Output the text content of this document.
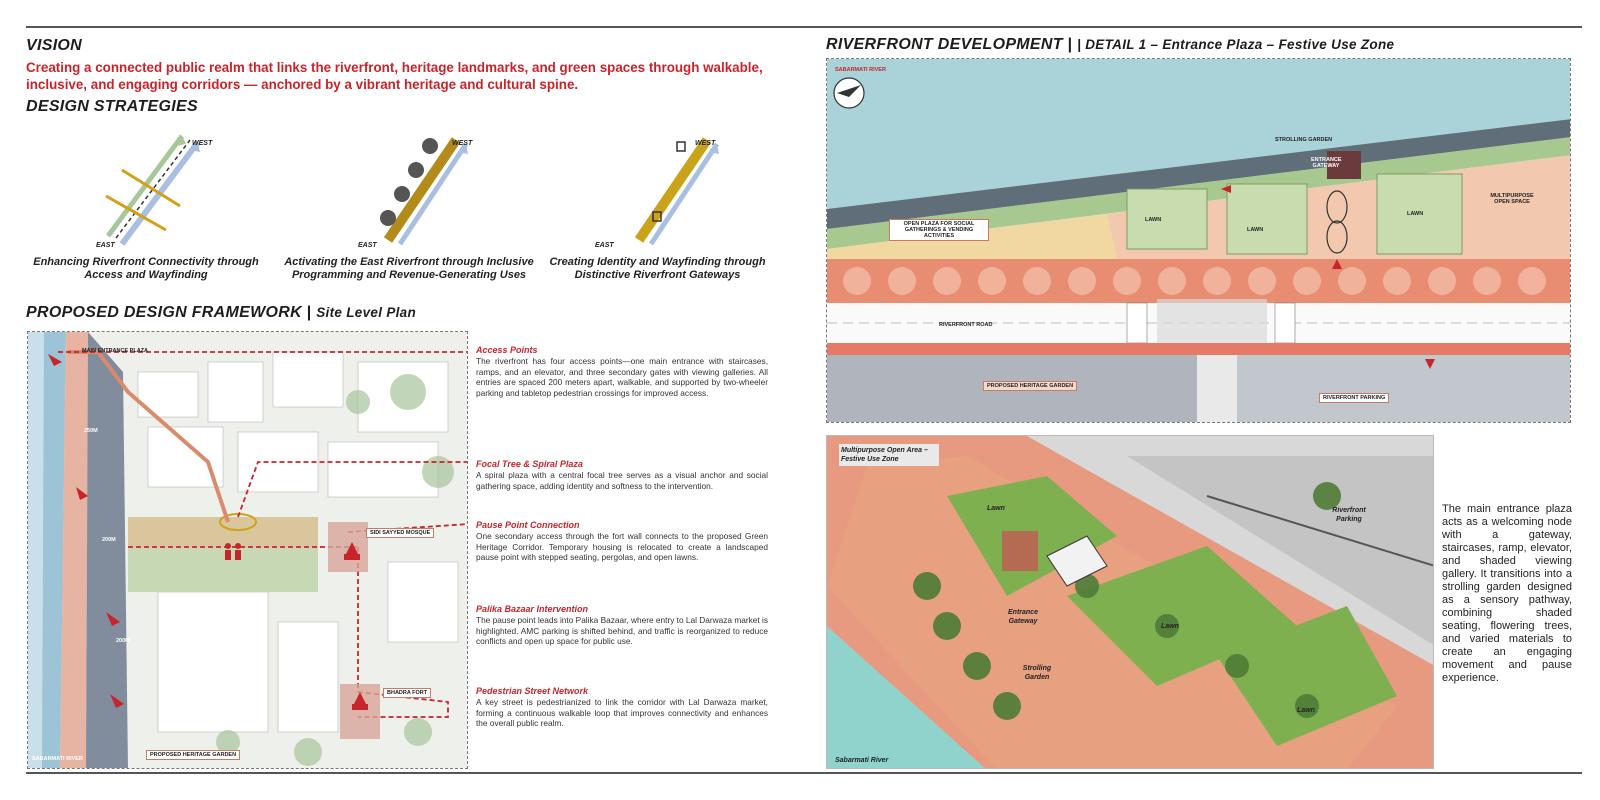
VISION
Creating a connected public realm that links the riverfront, heritage landmarks, and green spaces through walkable, inclusive, and engaging corridors — anchored by a vibrant heritage and cultural spine.
DESIGN STRATEGIES
WEST
EAST
Enhancing Riverfront Connectivity through Access and Wayfinding
WEST
EAST
Activating the East Riverfront through Inclusive Programming and Revenue-Generating Uses
WEST
EAST
Creating Identity and Wayfinding through Distinctive Riverfront Gateways
PROPOSED DESIGN FRAMEWORK | Site Level Plan
MAIN ENTRANCE PLAZA
250M
200M
200M
SIDI SAYYED MOSQUE
BHADRA FORT
PROPOSED HERITAGE GARDEN
SABARMATI RIVER
Access Points
The riverfront has four access points—one main entrance with staircases, ramps, and an elevator, and three secondary gates with viewing galleries. All entries are spaced 200 meters apart, walkable, and supported by two-wheeler parking and tabletop pedestrian crossings for improved access.
Focal Tree & Spiral Plaza
A spiral plaza with a central focal tree serves as a visual anchor and social gathering space, adding identity and softness to the intervention.
Pause Point Connection
One secondary access through the fort wall connects to the proposed Green Heritage Corridor. Temporary housing is relocated to create a landscaped pause point with stepped seating, pergolas, and open lawns.
Palika Bazaar Intervention
The pause point leads into Palika Bazaar, where entry to Lal Darwaza market is highlighted. AMC parking is shifted behind, and traffic is reorganized to reduce conflicts and open up space for public use.
Pedestrian Street Network
A key street is pedestrianized to link the corridor with Lal Darwaza market, forming a continuous walkable loop that improves connectivity and enhances the overall public realm.
RIVERFRONT DEVELOPMENT | | DETAIL 1 – Entrance Plaza – Festive Use Zone
SABARMATI RIVER
STROLLING GARDEN
ENTRANCE GATEWAY
OPEN PLAZA FOR SOCIAL GATHERINGS & VENDING ACTIVITIES
LAWN
LAWN
LAWN
MULTIPURPOSE OPEN SPACE
RIVERFRONT ROAD
PROPOSED HERITAGE GARDEN
RIVERFRONT PARKING
Multipurpose Open Area – Festive Use Zone
Lawn
Lawn
Lawn
Entrance Gateway
Strolling Garden
Riverfront Parking
Sabarmati River
The main entrance plaza acts as a welcoming node with a gateway, staircases, ramp, elevator, and shaded viewing gallery. It transitions into a strolling garden designed as a sensory pathway, combining shaded seating, flowering trees, and varied materials to create an engaging movement and pause experience.
